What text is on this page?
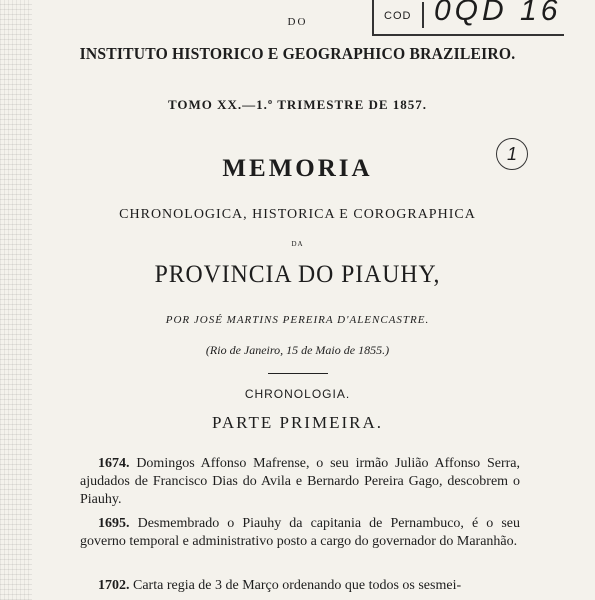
DO
INSTITUTO HISTORICO E GEOGRAPHICO BRAZILEIRO.
COD 0QD 16
TOMO XX.—1.º TRIMESTRE DE 1857.
1
MEMORIA
CHRONOLOGICA, HISTORICA E COROGRAPHICA
DA
PROVINCIA DO PIAUHY,
POR JOSÉ MARTINS PEREIRA D'ALENCASTRE.
(Rio de Janeiro, 15 de Maio de 1855.)
CHRONOLOGIA.
PARTE PRIMEIRA.
1674. Domingos Affonso Mafrense, o seu irmão Julião Affonso Serra, ajudados de Francisco Dias do Avila e Bernardo Pereira Gago, descobrem o Piauhy.
1695. Desmembrado o Piauhy da capitania de Pernambuco, é o seu governo temporal e administrativo posto a cargo do governador do Maranhão.
1702. Carta regia de 3 de Março ordenando que todos os sesmei-
